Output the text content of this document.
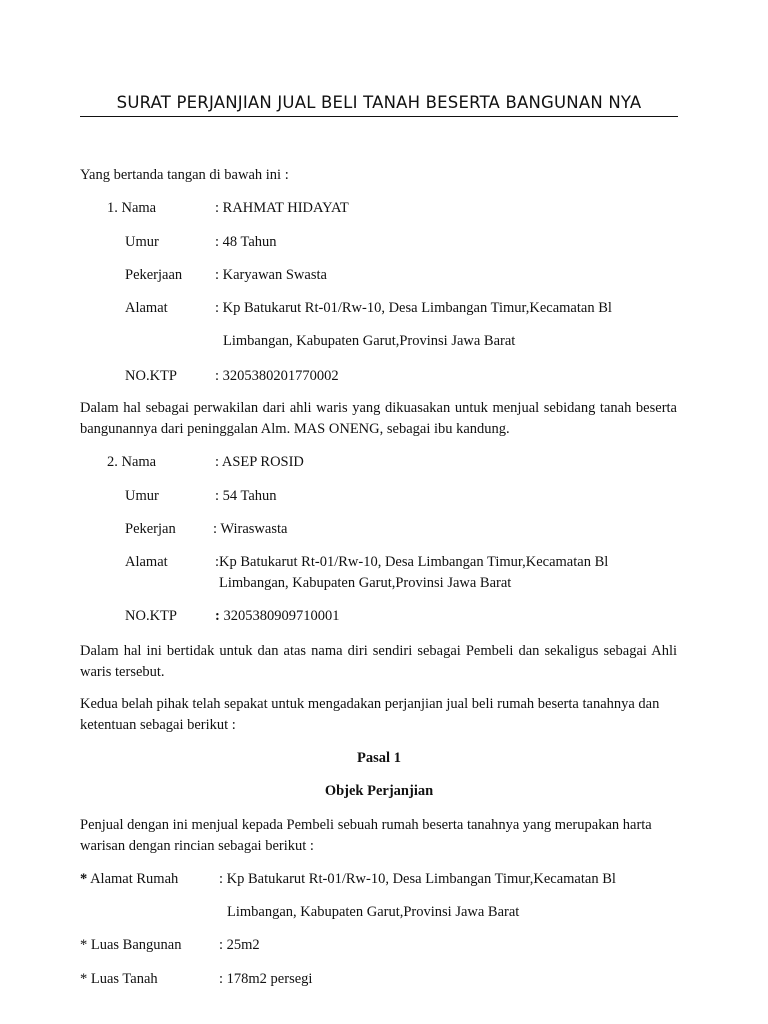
SURAT PERJANJIAN JUAL BELI TANAH BESERTA BANGUNAN NYA
Yang bertanda tangan di bawah ini :
1. Nama	: RAHMAT HIDAYAT
Umur	: 48 Tahun
Pekerjaan : Karyawan Swasta
Alamat	: Kp Batukarut Rt-01/Rw-10, Desa Limbangan Timur,Kecamatan Bl
Limbangan, Kabupaten Garut,Provinsi Jawa Barat
NO.KTP	: 3205380201770002
Dalam hal sebagai perwakilan dari ahli waris yang dikuasakan untuk menjual sebidang tanah beserta bangunannya dari peninggalan Alm. MAS ONENG, sebagai ibu kandung.
2. Nama	: ASEP ROSID
Umur	: 54 Tahun
Pekerjan	: Wiraswasta
Alamat	:Kp Batukarut Rt-01/Rw-10, Desa Limbangan Timur,Kecamatan Bl
Limbangan, Kabupaten Garut,Provinsi Jawa Barat
NO.KTP	: 3205380909710001
Dalam hal ini bertidak untuk dan atas nama diri sendiri sebagai Pembeli dan sekaligus sebagai Ahli waris tersebut.
Kedua belah pihak telah sepakat untuk mengadakan perjanjian jual beli rumah beserta tanahnya dan ketentuan sebagai berikut :
Pasal 1
Objek Perjanjian
Penjual dengan ini menjual kepada Pembeli sebuah rumah beserta tanahnya yang merupakan harta warisan dengan rincian sebagai berikut :
* Alamat Rumah	: Kp Batukarut Rt-01/Rw-10, Desa Limbangan Timur,Kecamatan Bl
Limbangan, Kabupaten Garut,Provinsi Jawa Barat
* Luas Bangunan	: 25m2
* Luas Tanah	: 178m2 persegi
